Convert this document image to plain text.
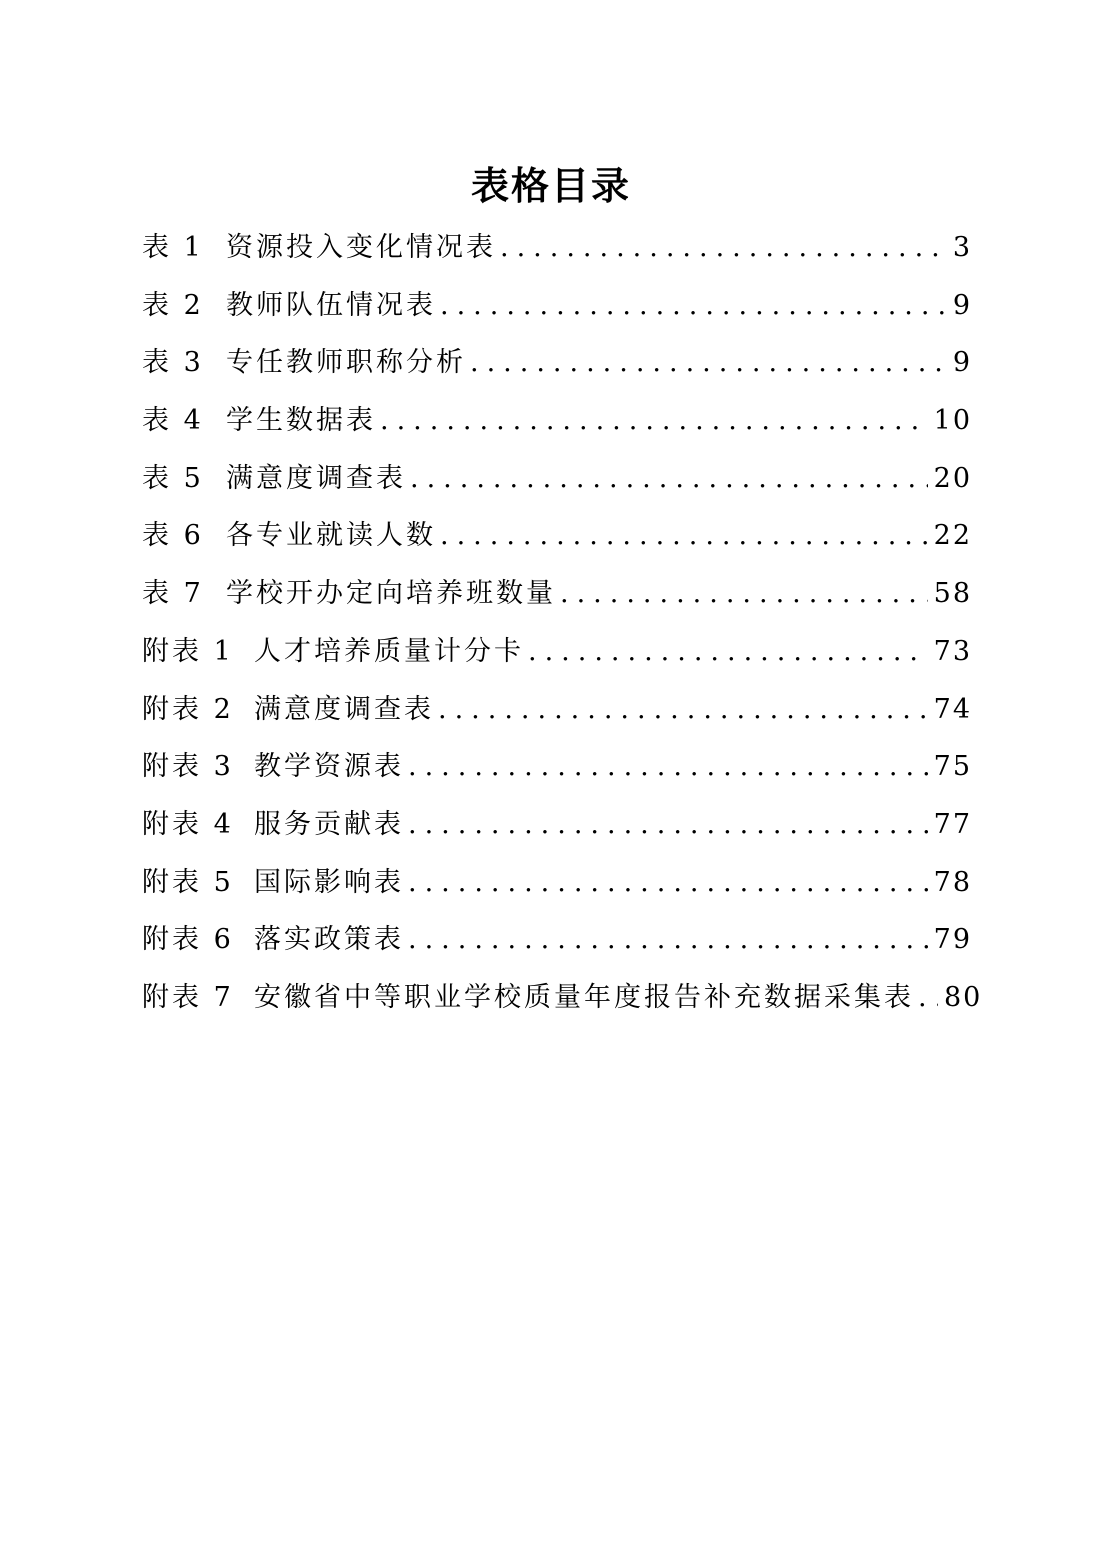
表格目录
表 1 资源投入变化情况表 .....	3
表 2 教师队伍情况表 .....	9
表 3 专任教师职称分析 .....	9
表 4 学生数据表 .....	10
表 5 满意度调查表 .....	20
表 6 各专业就读人数 .....	22
表 7 学校开办定向培养班数量 .....	58
附表 1 人才培养质量计分卡 .....	73
附表 2 满意度调查表 .....	74
附表 3 教学资源表 .....	75
附表 4 服务贡献表 .....	77
附表 5 国际影响表 .....	78
附表 6 落实政策表 .....	79
附表 7 安徽省中等职业学校质量年度报告补充数据采集表 ..... 80
